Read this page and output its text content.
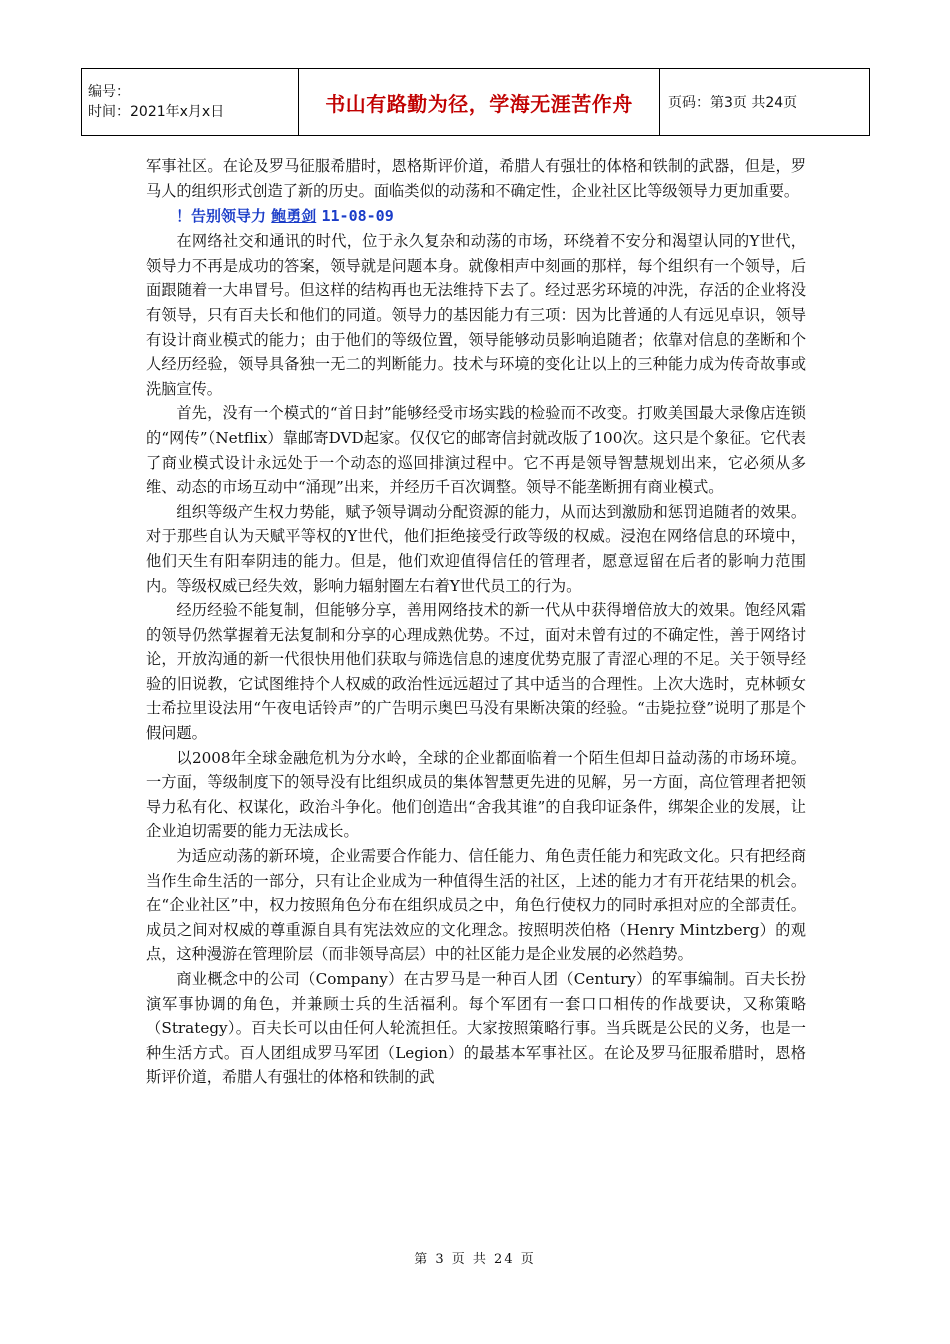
编号：
时间：2021年x月x日	书山有路勤为径，学海无涯苦作舟	页码：第3页 共24页

军事社区。在论及罗马征服希腊时，恩格斯评价道，希腊人有强壮的体格和铁制的武器，但是，罗马人的组织形式创造了新的历史。面临类似的动荡和不确定性，企业社区比等级领导力更加重要。

！告别领导力 鲍勇剑 11-08-09

在网络社交和通讯的时代，位于永久复杂和动荡的市场，环绕着不安分和渴望认同的Y世代，领导力不再是成功的答案，领导就是问题本身。就像相声中刻画的那样，每个组织有一个领导，后面跟随着一大串冒号。但这样的结构再也无法维持下去了。经过恶劣环境的冲洗，存活的企业将没有领导，只有百夫长和他们的同道。领导力的基因能力有三项：因为比普通的人有远见卓识，领导有设计商业模式的能力；由于他们的等级位置，领导能够动员影响追随者；依靠对信息的垄断和个人经历经验，领导具备独一无二的判断能力。技术与环境的变化让以上的三种能力成为传奇故事或洗脑宣传。

首先，没有一个模式的“首日封”能够经受市场实践的检验而不改变。打败美国最大录像店连锁的“网传”（Netflix）靠邮寄DVD起家。仅仅它的邮寄信封就改版了100次。这只是个象征。它代表了商业模式设计永远处于一个动态的巡回排演过程中。它不再是领导智慧规划出来，它必须从多维、动态的市场互动中“涌现”出来，并经历千百次调整。领导不能垄断拥有商业模式。

组织等级产生权力势能，赋予领导调动分配资源的能力，从而达到激励和惩罚追随者的效果。对于那些自认为天赋平等权的Y世代，他们拒绝接受行政等级的权威。浸泡在网络信息的环境中，他们天生有阳奉阴违的能力。但是，他们欢迎值得信任的管理者，愿意逗留在后者的影响力范围内。等级权威已经失效，影响力辐射圈左右着Y世代员工的行为。

经历经验不能复制，但能够分享，善用网络技术的新一代从中获得增倍放大的效果。饱经风霜的领导仍然掌握着无法复制和分享的心理成熟优势。不过，面对未曾有过的不确定性，善于网络讨论，开放沟通的新一代很快用他们获取与筛选信息的速度优势克服了青涩心理的不足。关于领导经验的旧说教，它试图维持个人权威的政治性远远超过了其中适当的合理性。上次大选时，克林顿女士希拉里设法用“午夜电话铃声”的广告明示奥巴马没有果断决策的经验。“击毙拉登”说明了那是个假问题。

以2008年全球金融危机为分水岭，全球的企业都面临着一个陌生但却日益动荡的市场环境。一方面，等级制度下的领导没有比组织成员的集体智慧更先进的见解，另一方面，高位管理者把领导力私有化、权谋化，政治斗争化。他们创造出“舍我其谁”的自我印证条件，绑架企业的发展，让企业迫切需要的能力无法成长。

为适应动荡的新环境，企业需要合作能力、信任能力、角色责任能力和宪政文化。只有把经商当作生命生活的一部分，只有让企业成为一种值得生活的社区，上述的能力才有开花结果的机会。在“企业社区”中，权力按照角色分布在组织成员之中，角色行使权力的同时承担对应的全部责任。成员之间对权威的尊重源自具有宪法效应的文化理念。按照明茨伯格（Henry Mintzberg）的观点，这种漫游在管理阶层（而非领导高层）中的社区能力是企业发展的必然趋势。

商业概念中的公司（Company）在古罗马是一种百人团（Century）的军事编制。百夫长扮演军事协调的角色，并兼顾士兵的生活福利。每个军团有一套口口相传的作战要诀，又称策略（Strategy）。百夫长可以由任何人轮流担任。大家按照策略行事。当兵既是公民的义务，也是一种生活方式。百人团组成罗马军团（Legion）的最基本军事社区。在论及罗马征服希腊时，恩格斯评价道，希腊人有强壮的体格和铁制的武

第 3 页 共 24 页
